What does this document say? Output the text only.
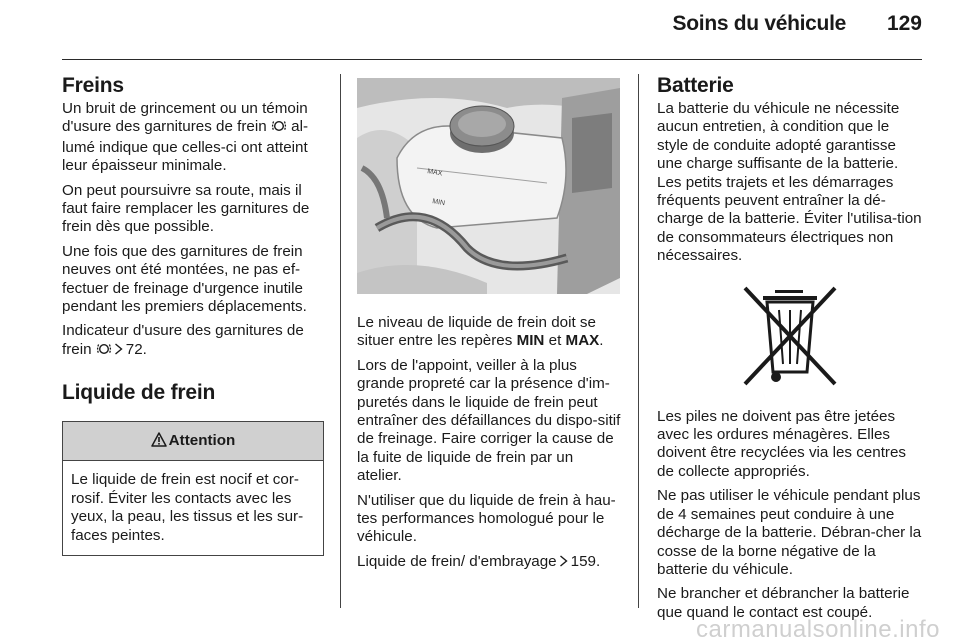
Soins du véhicule	129
Freins

Un bruit de grincement ou un témoin d'usure des garnitures de frein al-lumé indique que celles-ci ont atteint leur épaisseur minimale.

On peut poursuivre sa route, mais il faut faire remplacer les garnitures de frein dès que possible.

Une fois que des garnitures de frein neuves ont été montées, ne pas ef-fectuer de freinage d'urgence inutile pendant les premiers déplacements.

Indicateur d'usure des garnitures de frein 72.

Liquide de frein
Attention
Le liquide de frein est nocif et cor-rosif. Éviter les contacts avec les yeux, la peau, les tissus et les sur-faces peintes.
MAX
MIN

Le niveau de liquide de frein doit se situer entre les repères MIN et MAX.

Lors de l'appoint, veiller à la plus grande propreté car la présence d'im-puretés dans le liquide de frein peut entraîner des défaillances du dispo-sitif de freinage. Faire corriger la cause de la fuite de liquide de frein par un atelier.

N'utiliser que du liquide de frein à hau-tes performances homologué pour le véhicule.

Liquide de frein/ d'embrayage 159.

Batterie

La batterie du véhicule ne nécessite aucun entretien, à condition que le style de conduite adopté garantisse une charge suffisante de la batterie. Les petits trajets et les démarrages fréquents peuvent entraîner la dé-charge de la batterie. Éviter l'utilisa-tion de consommateurs électriques non nécessaires.

Les piles ne doivent pas être jetées avec les ordures ménagères. Elles doivent être recyclées via les centres de collecte appropriés.

Ne pas utiliser le véhicule pendant plus de 4 semaines peut conduire à une décharge de la batterie. Débran-cher la cosse de la borne négative de la batterie du véhicule.

Ne brancher et débrancher la batterie que quand le contact est coupé.

carmanualsonline.info
